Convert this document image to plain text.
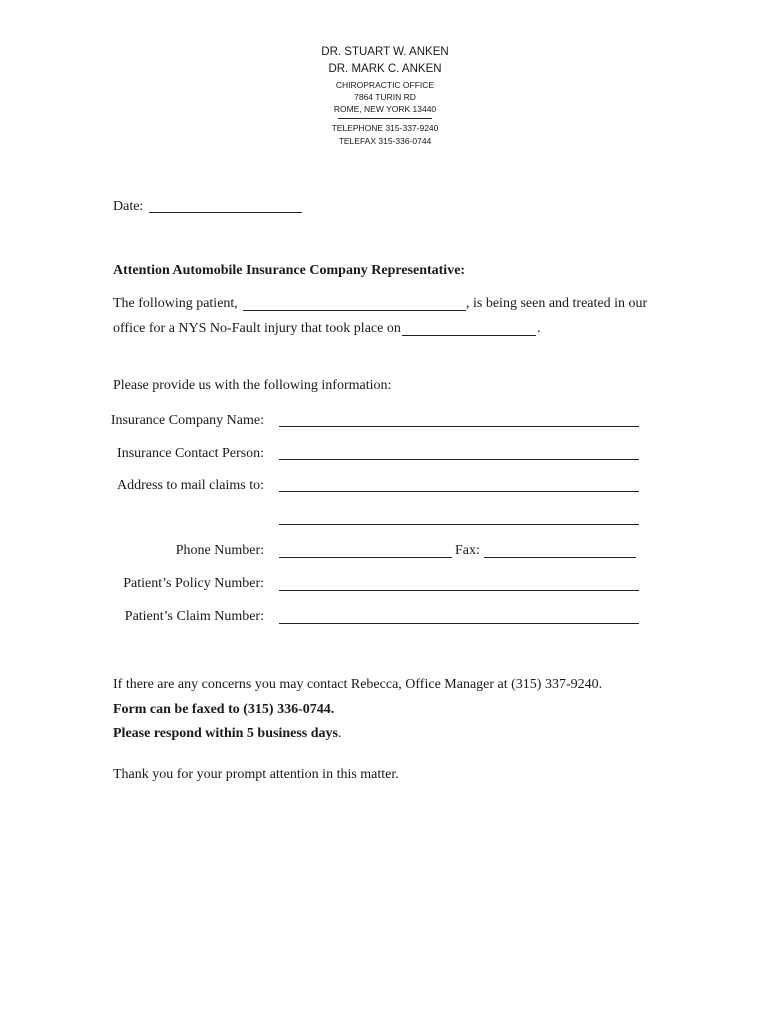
DR. STUART W. ANKEN
DR. MARK C. ANKEN
CHIROPRACTIC OFFICE
7864 TURIN RD
ROME, NEW YORK 13440
TELEPHONE 315-337-9240
TELEFAX 315-336-0744
Date:
Attention Automobile Insurance Company Representative:
The following patient,	, is being seen and treated in our
office for a NYS No-Fault injury that took place on	.
Please provide us with the following information:
Insurance Company Name:
Insurance Contact Person:
Address to mail claims to:
Phone Number:	Fax:
Patient’s Policy Number:
Patient’s Claim Number:
If there are any concerns you may contact Rebecca, Office Manager at (315) 337-9240.
Form can be faxed to (315) 336-0744.
Please respond within 5 business days.
Thank you for your prompt attention in this matter.
